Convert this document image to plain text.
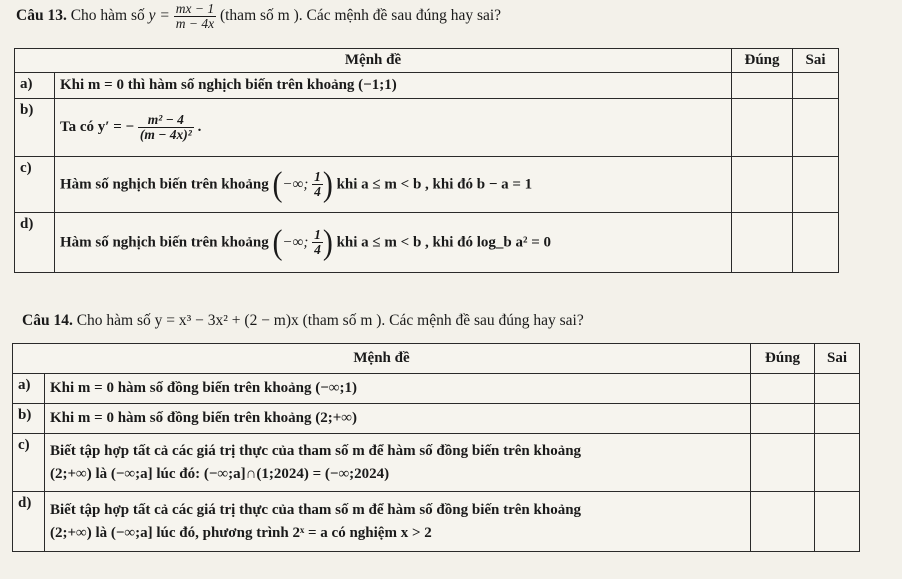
Câu 13. Cho hàm số $y = \frac{mx - 1}{m - 4x}$ (tham số m ). Các mệnh đề sau đúng hay sai?
Mệnh đề		Đúng	Sai
a)	Khi m = 0 thì hàm số nghịch biến trên khoảng (−1;1)		
b)	Ta có y′ = − $\frac{\text{m² − 4}}{\text{(m − 4x)²}}$ .		
c)	Hàm số nghịch biến trên khoảng (−∞; $\frac{1}{4}$ ) khi a ≤ m < b , khi đó b − a = 1		
d)	Hàm số nghịch biến trên khoảng (−∞; $\frac{1}{4}$ ) khi a ≤ m < b , khi đó log_b a² = 0		
Câu 14. Cho hàm số y = x³ − 3x² + (2 − m)x (tham số m ). Các mệnh đề sau đúng hay sai?
Mệnh đề		Đúng	Sai
a)	Khi m = 0 hàm số đồng biến trên khoảng (−∞;1)		
b)	Khi m = 0 hàm số đồng biến trên khoảng (2;+∞)		
c)	Biết tập hợp tất cả các giá trị thực của tham số m để hàm số đồng biến trên khoảng
(2;+∞) là (−∞;a] lúc đó: (−∞;a]∩(1;2024) = (−∞;2024)		

d)	Biết tập hợp tất cả các giá trị thực của tham số m để hàm số đồng biến trên khoảng
(2;+∞) là (−∞;a] lúc đó, phương trình 2ˣ = a có nghiệm x > 2		
